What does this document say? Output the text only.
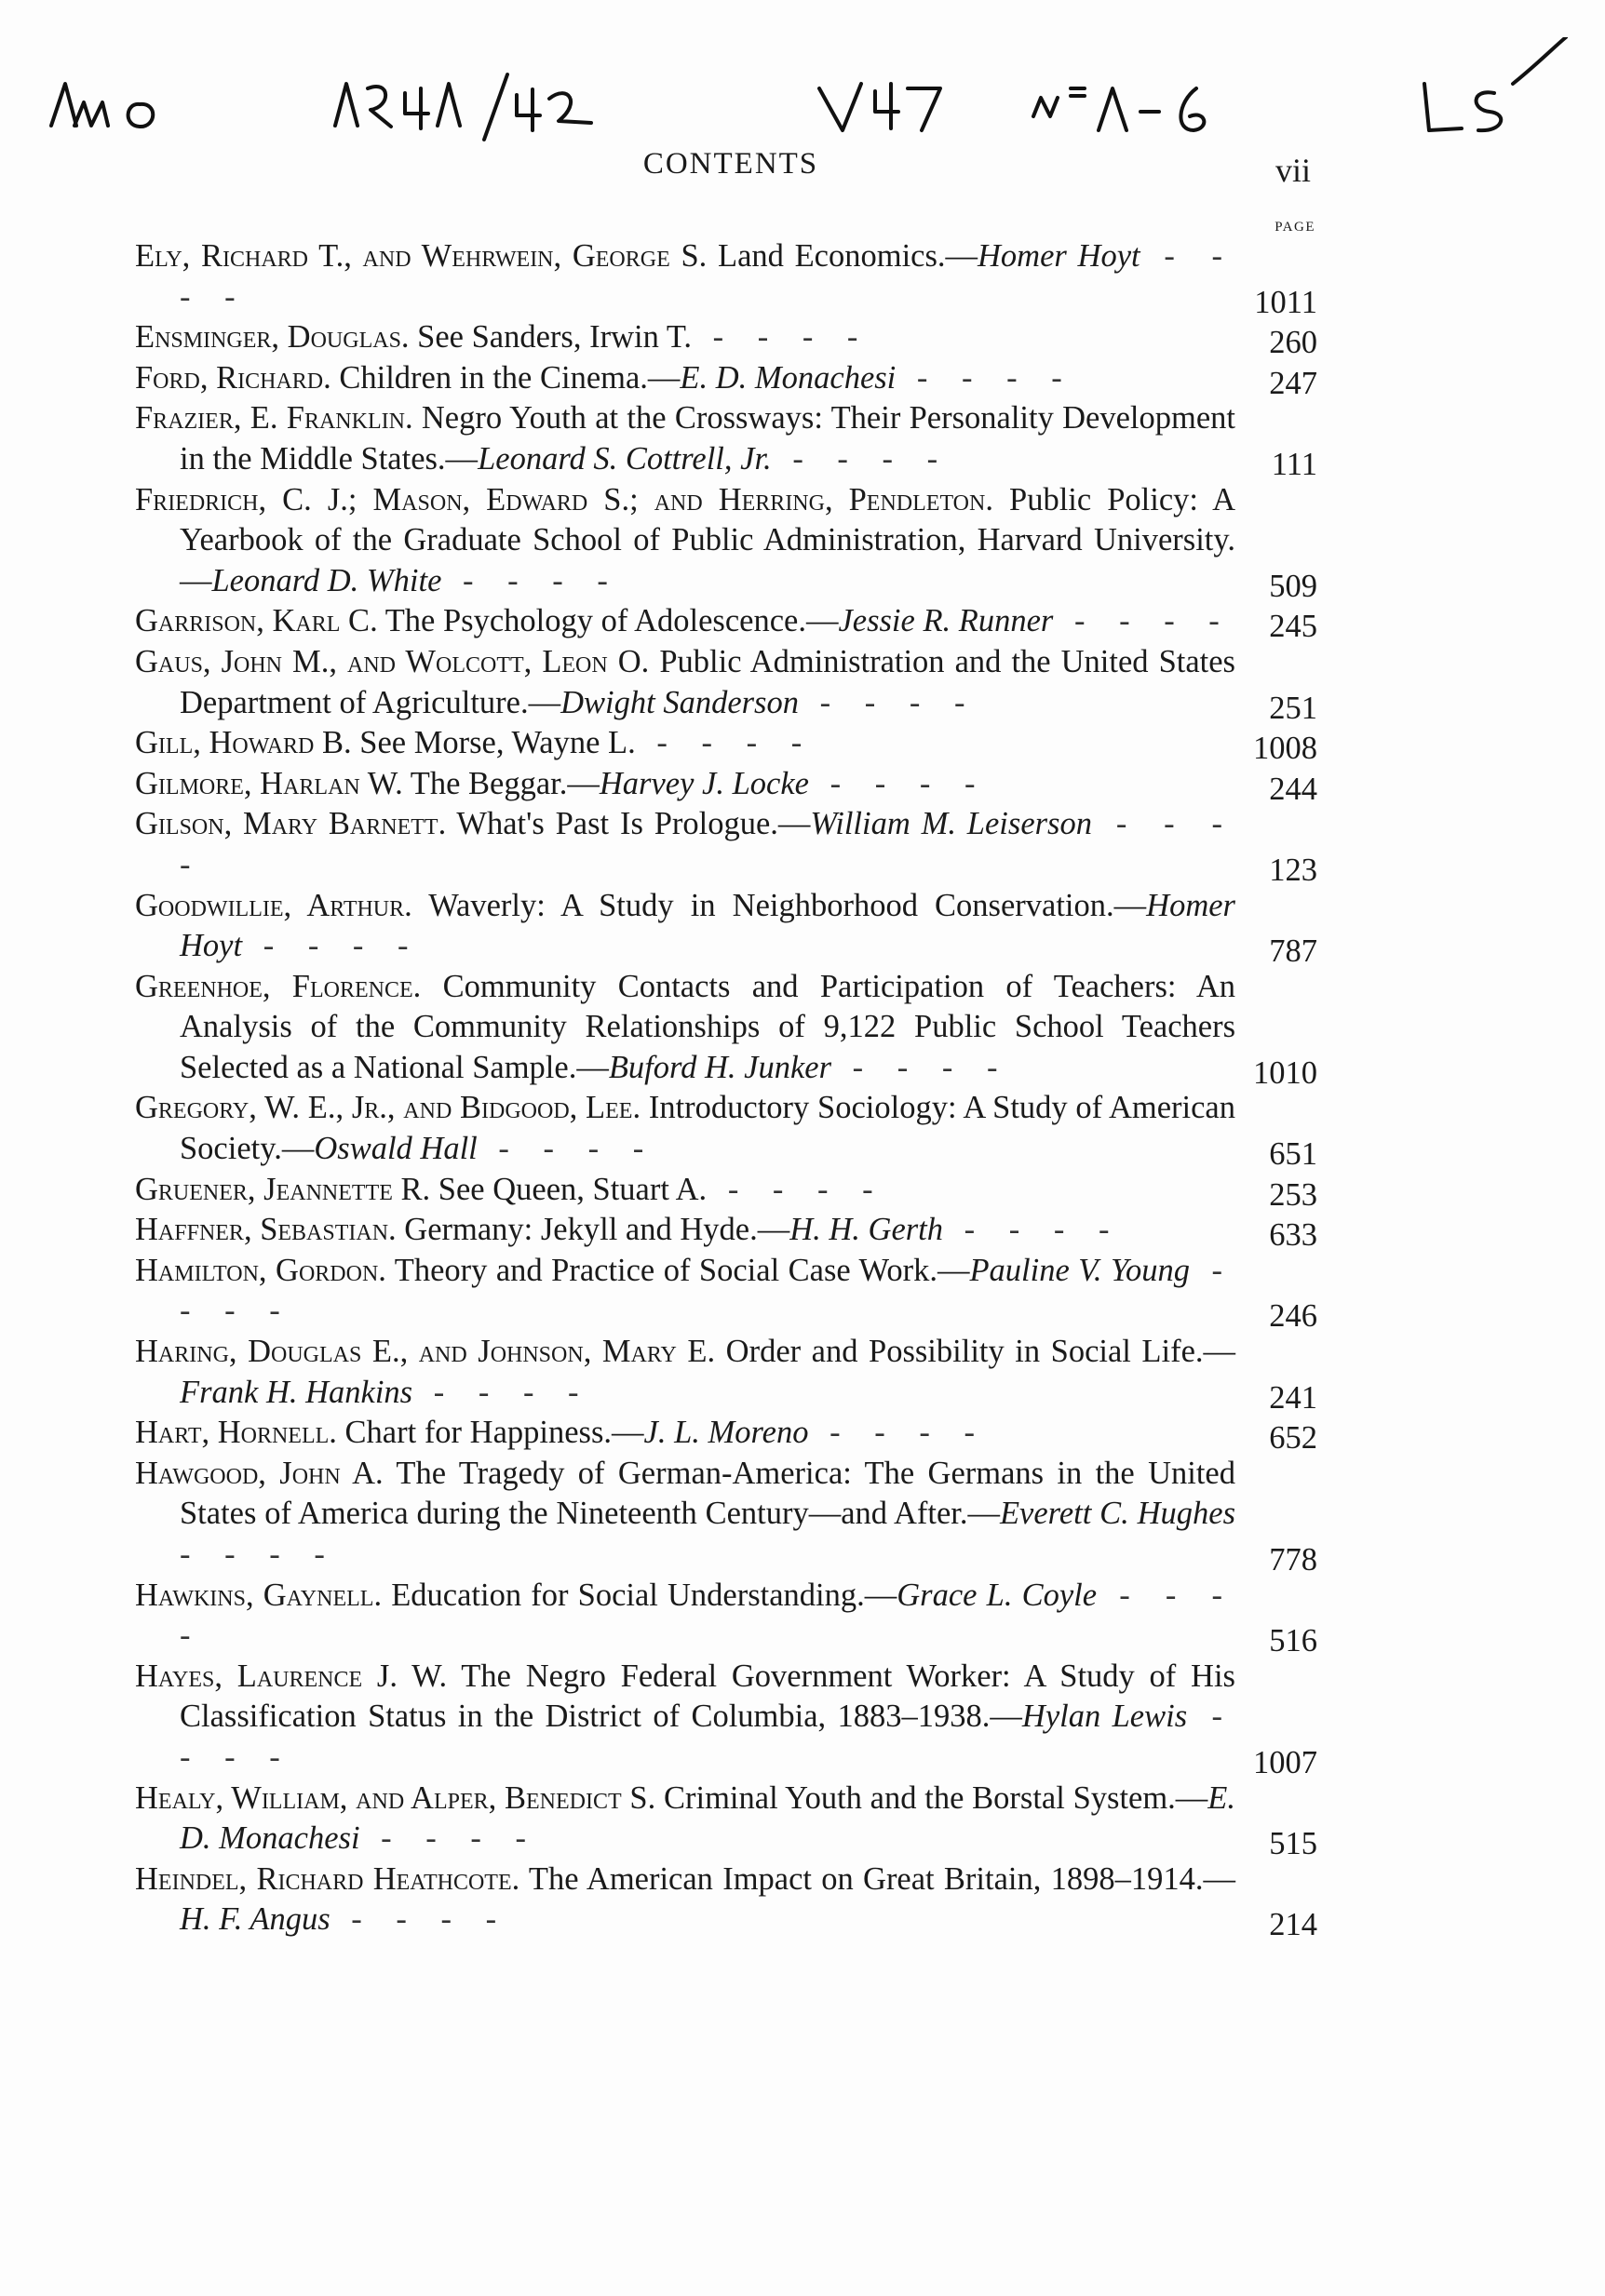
CONTENTS	vii
PAGE
Ely, Richard T., and Wehrwein, George S. Land Economics.—Homer Hoyt - - - -	1011
Ensminger, Douglas. See Sanders, Irwin T. - - - -	260
Ford, Richard. Children in the Cinema.—E. D. Monachesi - - - -	247
Frazier, E. Franklin. Negro Youth at the Crossways: Their Personality Development in the Middle States.—Leonard S. Cottrell, Jr. - - - -	111
Friedrich, C. J.; Mason, Edward S.; and Herring, Pendleton. Public Policy: A Yearbook of the Graduate School of Public Administration, Harvard University.—Leonard D. White - - - -	509
Garrison, Karl C. The Psychology of Adolescence.—Jessie R. Runner - - - -	245
Gaus, John M., and Wolcott, Leon O. Public Administration and the United States Department of Agriculture.—Dwight Sanderson - - - -	251
Gill, Howard B. See Morse, Wayne L. - - - -	1008
Gilmore, Harlan W. The Beggar.—Harvey J. Locke - - - -	244
Gilson, Mary Barnett. What's Past Is Prologue.—William M. Leiserson - - - -	123
Goodwillie, Arthur. Waverly: A Study in Neighborhood Conservation.—Homer Hoyt - - - -	787
Greenhoe, Florence. Community Contacts and Participation of Teachers: An Analysis of the Community Relationships of 9,122 Public School Teachers Selected as a National Sample.—Buford H. Junker - - - -	1010
Gregory, W. E., Jr., and Bidgood, Lee. Introductory Sociology: A Study of American Society.—Oswald Hall - - - -	651
Gruener, Jeannette R. See Queen, Stuart A. - - - -	253
Haffner, Sebastian. Germany: Jekyll and Hyde.—H. H. Gerth - - - -	633
Hamilton, Gordon. Theory and Practice of Social Case Work.—Pauline V. Young - - - -	246
Haring, Douglas E., and Johnson, Mary E. Order and Possibility in Social Life.—Frank H. Hankins - - - -	241
Hart, Hornell. Chart for Happiness.—J. L. Moreno - - - -	652
Hawgood, John A. The Tragedy of German-America: The Germans in the United States of America during the Nineteenth Century—and After.—Everett C. Hughes - - - -	778
Hawkins, Gaynell. Education for Social Understanding.—Grace L. Coyle - - - -	516
Hayes, Laurence J. W. The Negro Federal Government Worker: A Study of His Classification Status in the District of Columbia, 1883–1938.—Hylan Lewis - - - -	1007
Healy, William, and Alper, Benedict S. Criminal Youth and the Borstal System.—E. D. Monachesi - - - -	515
Heindel, Richard Heathcote. The American Impact on Great Britain, 1898–1914.—H. F. Angus - - - -	214
